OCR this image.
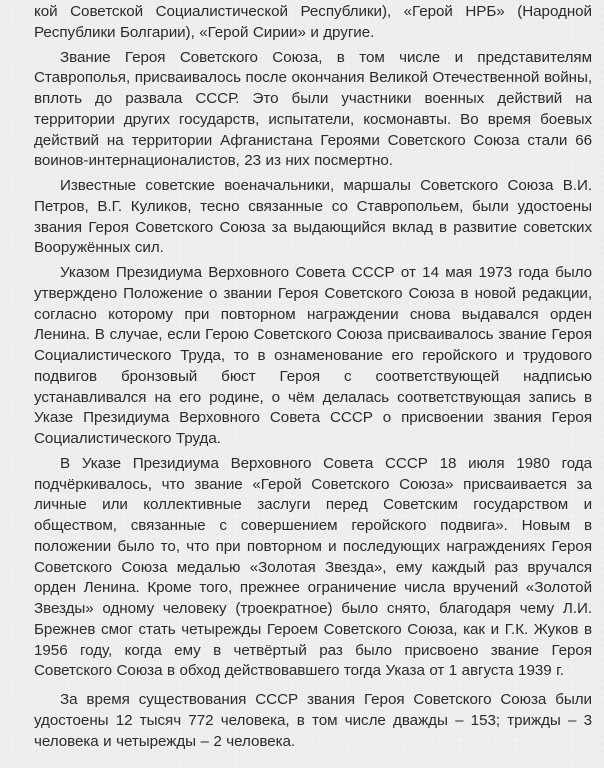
кой Советской Социалистической Республики), «Герой НРБ» (Народной Республики Болгарии), «Герой Сирии» и другие.

Звание Героя Советского Союза, в том числе и представителям Ставрополья, присваивалось после окончания Великой Отечественной войны, вплоть до развала СССР. Это были участники военных действий на территории других государств, испытатели, космонавты. Во время боевых действий на территории Афганистана Героями Советского Союза стали 66 воинов-интернационалистов, 23 из них посмертно.

Известные советские военачальники, маршалы Советского Союза В.И. Петров, В.Г. Куликов, тесно связанные со Ставропольем, были удостоены звания Героя Советского Союза за выдающийся вклад в развитие советских Вооружённых сил.

Указом Президиума Верховного Совета СССР от 14 мая 1973 года было утверждено Положение о звании Героя Советского Союза в новой редакции, согласно которому при повторном награждении снова выдавался орден Ленина. В случае, если Герою Советского Союза присваивалось звание Героя Социалистического Труда, то в ознаменование его геройского и трудового подвигов бронзовый бюст Героя с соответствующей надписью устанавливался на его родине, о чём делалась соответствующая запись в Указе Президиума Верховного Совета СССР о присвоении звания Героя Социалистического Труда.

В Указе Президиума Верховного Совета СССР 18 июля 1980 года подчёркивалось, что звание «Герой Советского Союза» присваивается за личные или коллективные заслуги перед Советским государством и обществом, связанные с совершением геройского подвига». Новым в положении было то, что при повторном и последующих награждениях Героя Советского Союза медалью «Золотая Звезда», ему каждый раз вручался орден Ленина. Кроме того, прежнее ограничение числа вручений «Золотой Звезды» одному человеку (троекратное) было снято, благодаря чему Л.И. Брежнев смог стать четырежды Героем Советского Союза, как и Г.К. Жуков в 1956 году, когда ему в четвёртый раз было присвоено звание Героя Советского Союза в обход действовавшего тогда Указа от 1 августа 1939 г.

За время существования СССР звания Героя Советского Союза были удостоены 12 тысяч 772 человека, в том числе дважды – 153; трижды – 3 человека и четырежды – 2 человека.
